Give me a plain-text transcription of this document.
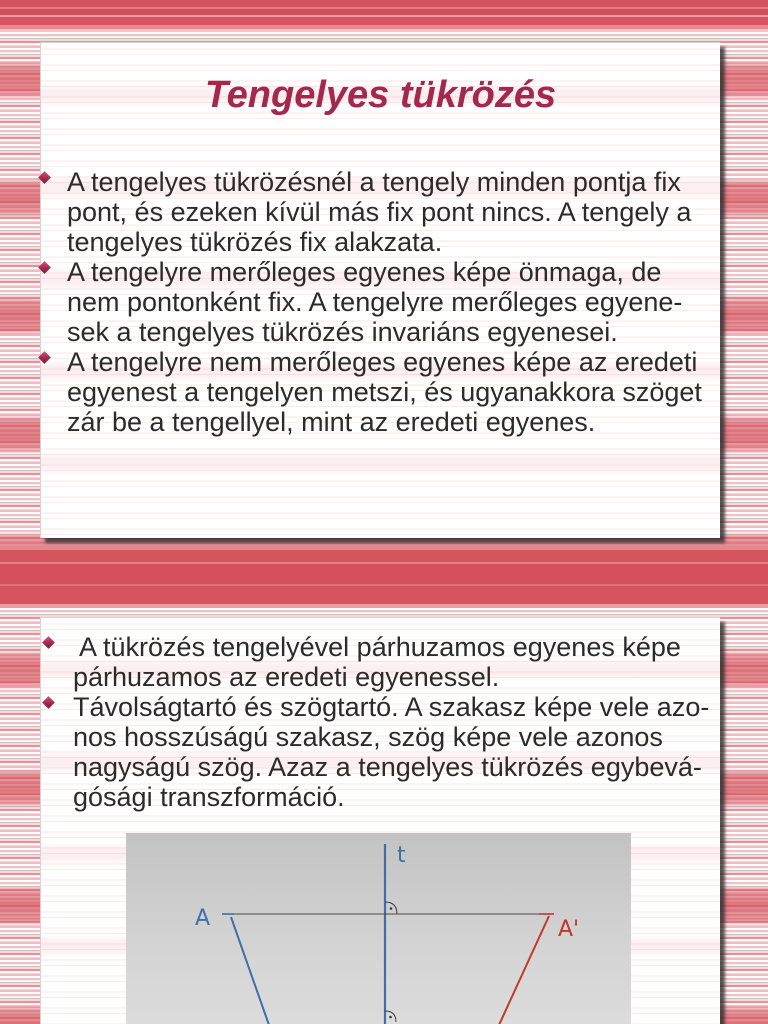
Tengelyes tükrözés
A tengelyes tükrözésnél a tengely minden pontja fix
pont, és ezeken kívül más fix pont nincs. A tengely a
tengelyes tükrözés fix alakzata.
A tengelyre merőleges egyenes képe önmaga, de
nem pontonként fix. A tengelyre merőleges egyene-
sek a tengelyes tükrözés invariáns egyenesei.
A tengelyre nem merőleges egyenes képe az eredeti
egyenest a tengelyen metszi, és ugyanakkora szöget
zár be a tengellyel, mint az eredeti egyenes.
A tükrözés tengelyével párhuzamos egyenes képe
párhuzamos az eredeti egyenessel.
Távolságtartó és szögtartó. A szakasz képe vele azo-
nos hosszúságú szakasz, szög képe vele azonos
nagyságú szög. Azaz a tengelyes tükrözés egybevá-
gósági transzformáció.
t
A	A'
